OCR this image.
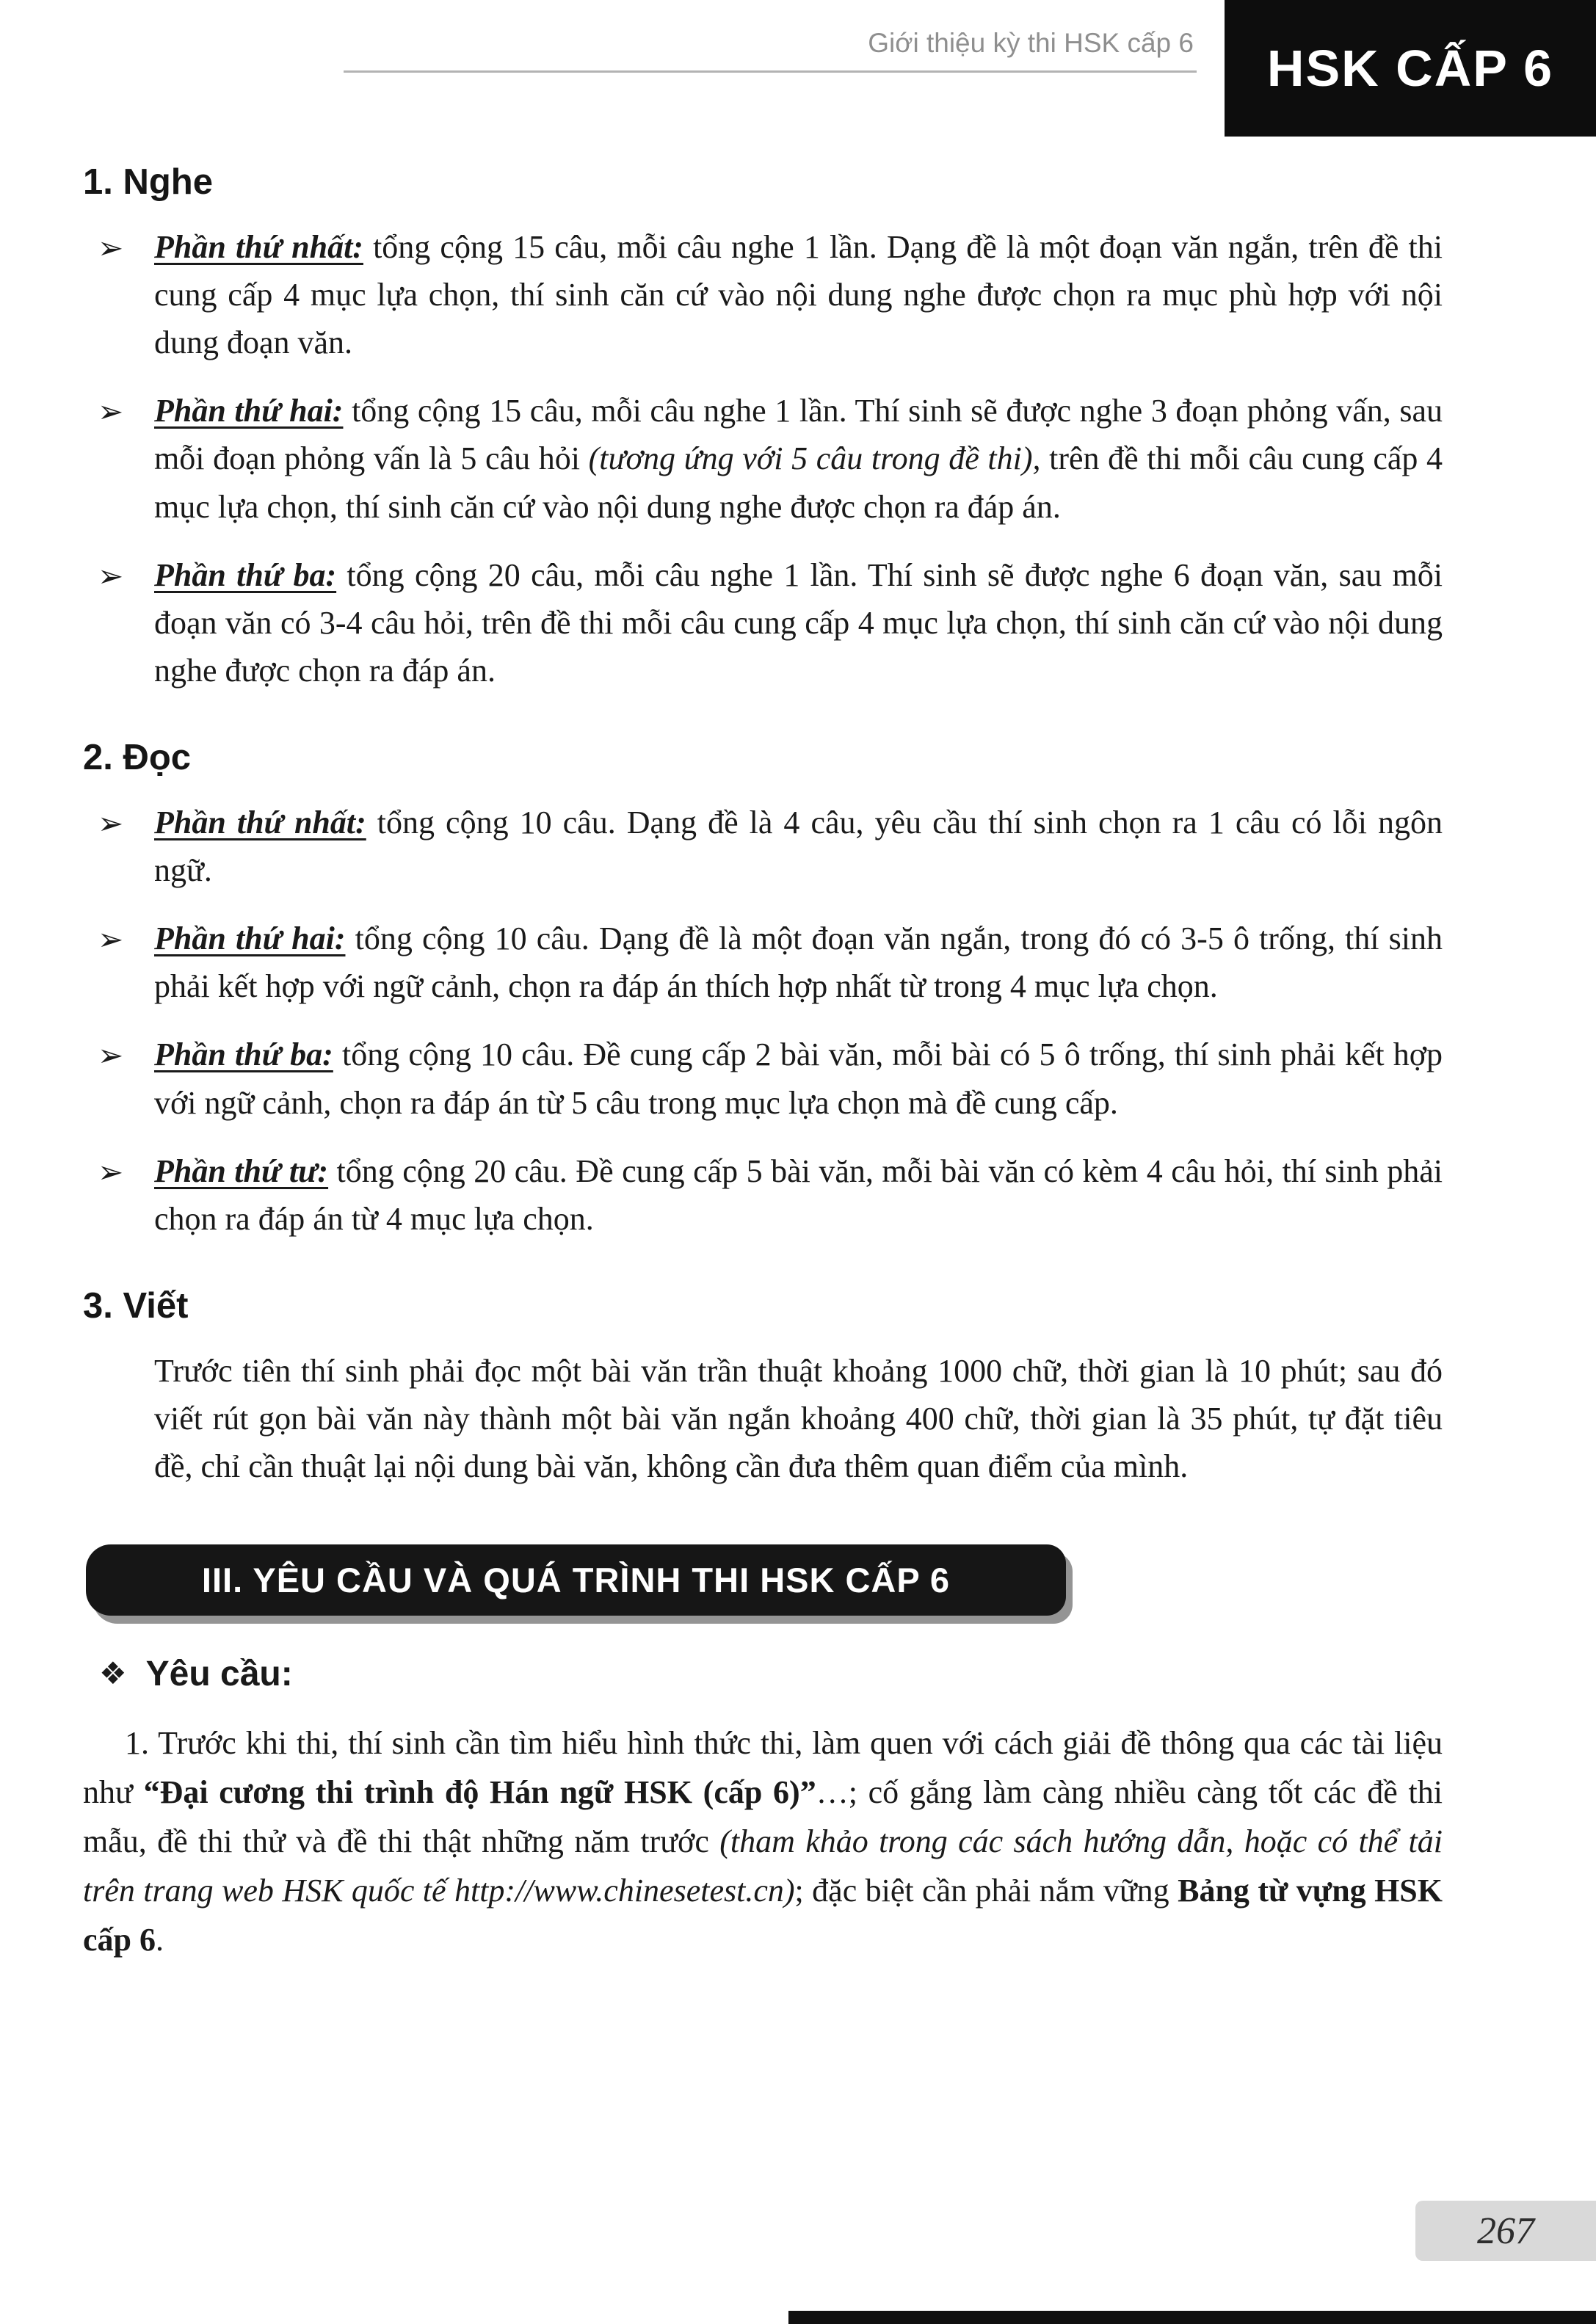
Giới thiệu kỳ thi HSK cấp 6 HSK CẤP 6
1. Nghe
➢ Phần thứ nhất: tổng cộng 15 câu, mỗi câu nghe 1 lần. Dạng đề là một đoạn văn ngắn, trên đề thi cung cấp 4 mục lựa chọn, thí sinh căn cứ vào nội dung nghe được chọn ra mục phù hợp với nội dung đoạn văn.
➢ Phần thứ hai: tổng cộng 15 câu, mỗi câu nghe 1 lần. Thí sinh sẽ được nghe 3 đoạn phỏng vấn, sau mỗi đoạn phỏng vấn là 5 câu hỏi (tương ứng với 5 câu trong đề thi), trên đề thi mỗi câu cung cấp 4 mục lựa chọn, thí sinh căn cứ vào nội dung nghe được chọn ra đáp án.
➢ Phần thứ ba: tổng cộng 20 câu, mỗi câu nghe 1 lần. Thí sinh sẽ được nghe 6 đoạn văn, sau mỗi đoạn văn có 3-4 câu hỏi, trên đề thi mỗi câu cung cấp 4 mục lựa chọn, thí sinh căn cứ vào nội dung nghe được chọn ra đáp án.
2. Đọc
➢ Phần thứ nhất: tổng cộng 10 câu. Dạng đề là 4 câu, yêu cầu thí sinh chọn ra 1 câu có lỗi ngôn ngữ.
➢ Phần thứ hai: tổng cộng 10 câu. Dạng đề là một đoạn văn ngắn, trong đó có 3-5 ô trống, thí sinh phải kết hợp với ngữ cảnh, chọn ra đáp án thích hợp nhất từ trong 4 mục lựa chọn.
➢ Phần thứ ba: tổng cộng 10 câu. Đề cung cấp 2 bài văn, mỗi bài có 5 ô trống, thí sinh phải kết hợp với ngữ cảnh, chọn ra đáp án từ 5 câu trong mục lựa chọn mà đề cung cấp.
➢ Phần thứ tư: tổng cộng 20 câu. Đề cung cấp 5 bài văn, mỗi bài văn có kèm 4 câu hỏi, thí sinh phải chọn ra đáp án từ 4 mục lựa chọn.
3. Viết

Trước tiên thí sinh phải đọc một bài văn trần thuật khoảng 1000 chữ, thời gian là 10 phút; sau đó viết rút gọn bài văn này thành một bài văn ngắn khoảng 400 chữ, thời gian là 35 phút, tự đặt tiêu đề, chỉ cần thuật lại nội dung bài văn, không cần đưa thêm quan điểm của mình.

III. YÊU CẦU VÀ QUÁ TRÌNH THI HSK CẤP 6
❖ Yêu cầu:

1. Trước khi thi, thí sinh cần tìm hiểu hình thức thi, làm quen với cách giải đề thông qua các tài liệu như “Đại cương thi trình độ Hán ngữ HSK (cấp 6)”…; cố gắng làm càng nhiều càng tốt các đề thi mẫu, đề thi thử và đề thi thật những năm trước (tham khảo trong các sách hướng dẫn, hoặc có thể tải trên trang web HSK quốc tế http://www.chinesetest.cn); đặc biệt cần phải nắm vững Bảng từ vựng HSK cấp 6.

267
